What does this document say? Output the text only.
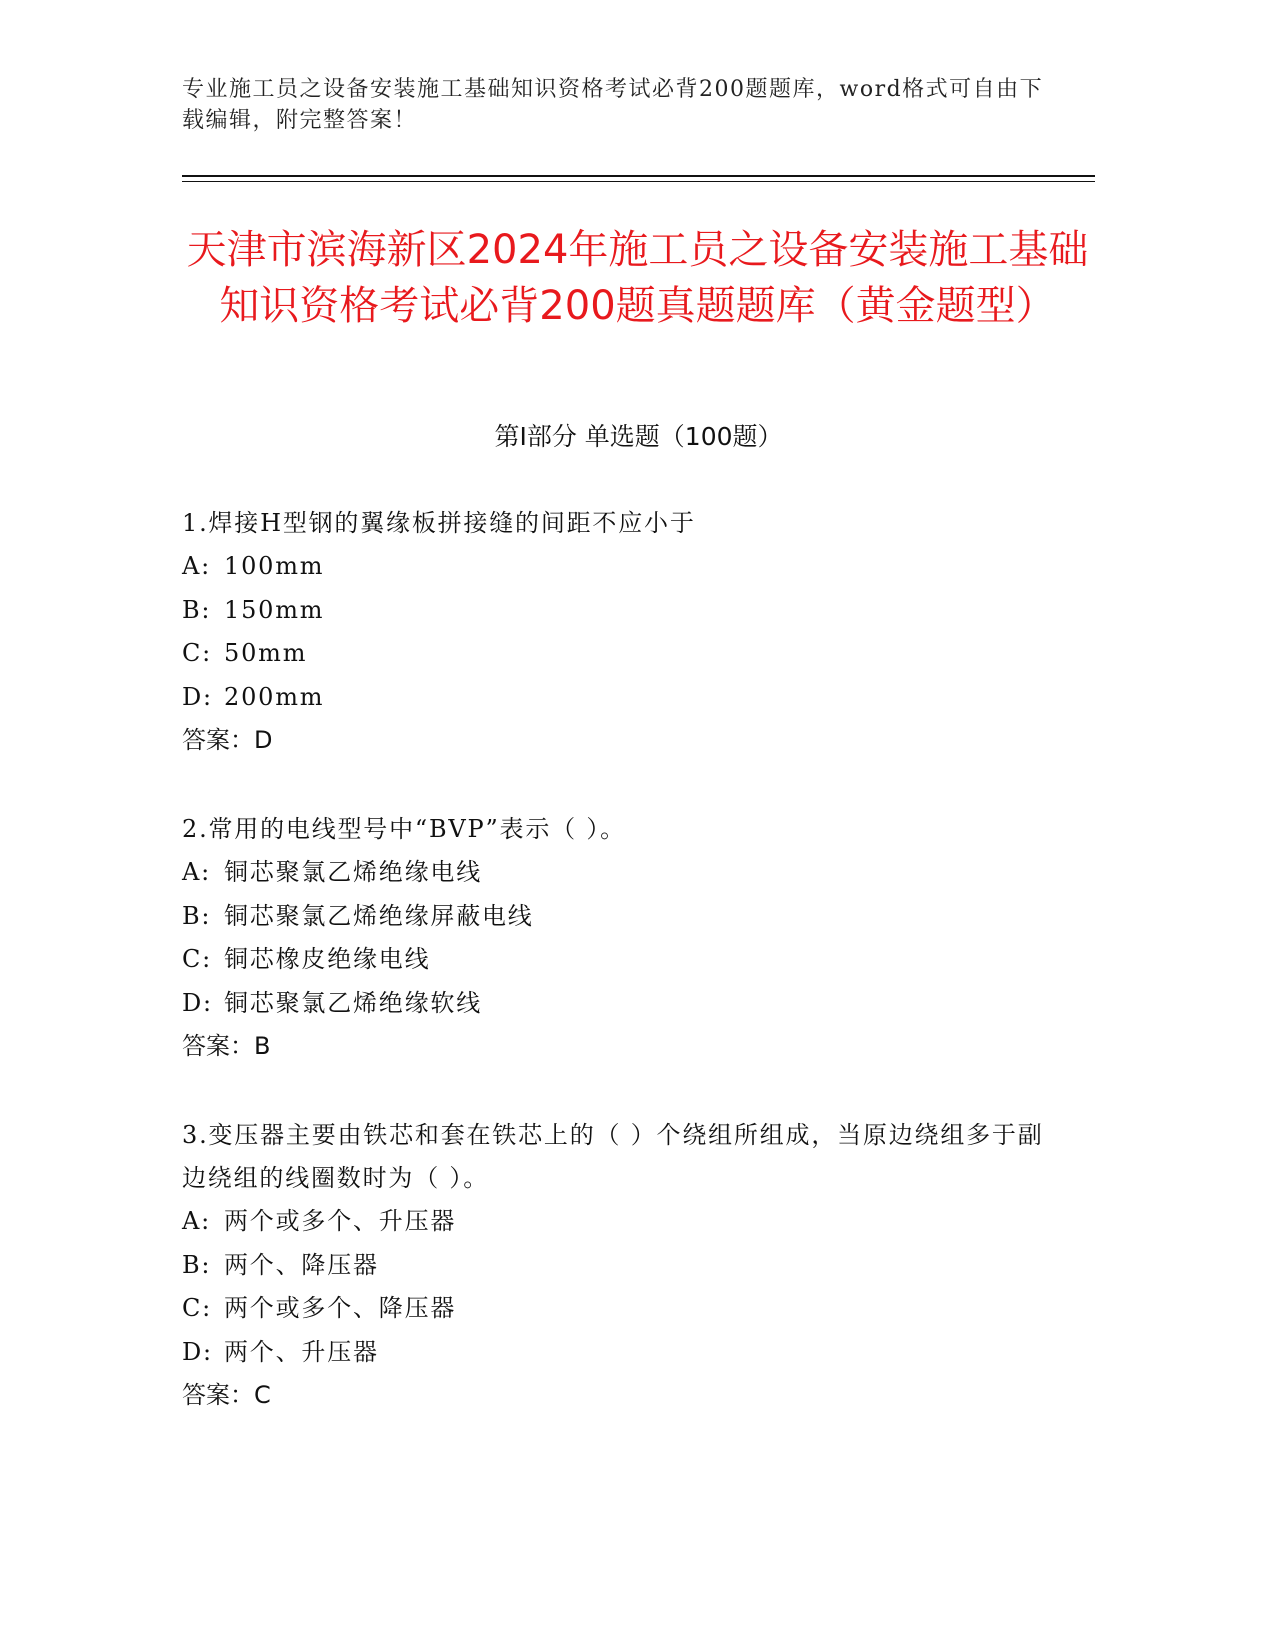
专业施工员之设备安装施工基础知识资格考试必背200题题库，word格式可自由下载编辑，附完整答案！
天津市滨海新区2024年施工员之设备安装施工基础知识资格考试必背200题真题题库（黄金题型）
第I部分 单选题（100题）

1.焊接H型钢的翼缘板拼接缝的间距不应小于

A: 100mm
B: 150mm
C: 50mm
D: 200mm
答案：D

2.常用的电线型号中“BVP”表示（ ）。

A: 铜芯聚氯乙烯绝缘电线
B: 铜芯聚氯乙烯绝缘屏蔽电线
C: 铜芯橡皮绝缘电线
D: 铜芯聚氯乙烯绝缘软线
答案：B

3.变压器主要由铁芯和套在铁芯上的（ ）个绕组所组成，当原边绕组多于副边绕组的线圈数时为（ ）。

A: 两个或多个、升压器
B: 两个、降压器
C: 两个或多个、降压器
D: 两个、升压器
答案：C
